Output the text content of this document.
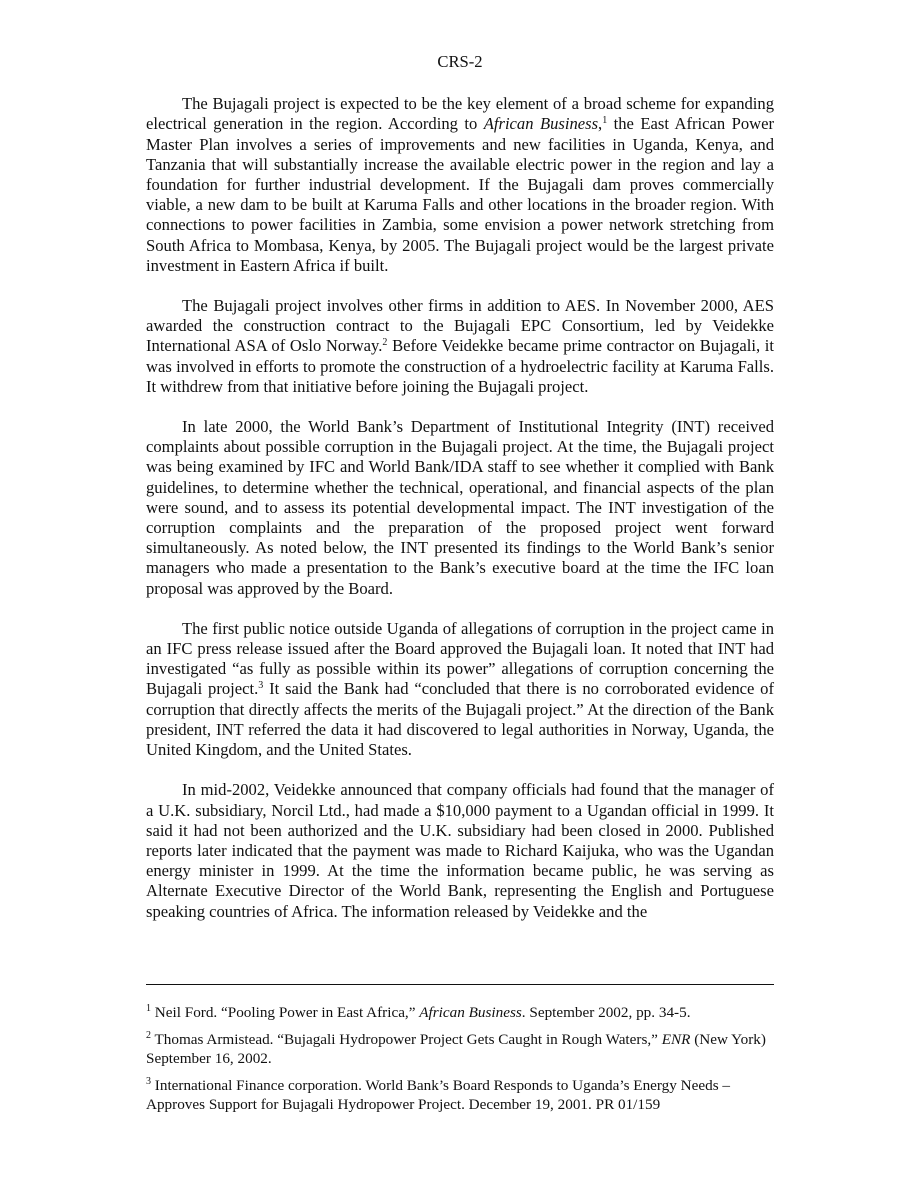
CRS-2

The Bujagali project is expected to be the key element of a broad scheme for expanding electrical generation in the region. According to African Business,$^1$ the East African Power Master Plan involves a series of improvements and new facilities in Uganda, Kenya, and Tanzania that will substantially increase the available electric power in the region and lay a foundation for further industrial development. If the Bujagali dam proves commercially viable, a new dam to be built at Karuma Falls and other locations in the broader region. With connections to power facilities in Zambia, some envision a power network stretching from South Africa to Mombasa, Kenya, by 2005. The Bujagali project would be the largest private investment in Eastern Africa if built.

The Bujagali project involves other firms in addition to AES. In November 2000, AES awarded the construction contract to the Bujagali EPC Consortium, led by Veidekke International ASA of Oslo Norway.$^2$ Before Veidekke became prime contractor on Bujagali, it was involved in efforts to promote the construction of a hydroelectric facility at Karuma Falls. It withdrew from that initiative before joining the Bujagali project.

In late 2000, the World Bank’s Department of Institutional Integrity (INT) received complaints about possible corruption in the Bujagali project. At the time, the Bujagali project was being examined by IFC and World Bank/IDA staff to see whether it complied with Bank guidelines, to determine whether the technical, operational, and financial aspects of the plan were sound, and to assess its potential developmental impact. The INT investigation of the corruption complaints and the preparation of the proposed project went forward simultaneously. As noted below, the INT presented its findings to the World Bank’s senior managers who made a presentation to the Bank’s executive board at the time the IFC loan proposal was approved by the Board.

The first public notice outside Uganda of allegations of corruption in the project came in an IFC press release issued after the Board approved the Bujagali loan. It noted that INT had investigated “as fully as possible within its power” allegations of corruption concerning the Bujagali project.$^3$ It said the Bank had “concluded that there is no corroborated evidence of corruption that directly affects the merits of the Bujagali project.” At the direction of the Bank president, INT referred the data it had discovered to legal authorities in Norway, Uganda, the United Kingdom, and the United States.

In mid-2002, Veidekke announced that company officials had found that the manager of a U.K. subsidiary, Norcil Ltd., had made a $10,000 payment to a Ugandan official in 1999. It said it had not been authorized and the U.K. subsidiary had been closed in 2000. Published reports later indicated that the payment was made to Richard Kaijuka, who was the Ugandan energy minister in 1999. At the time the information became public, he was serving as Alternate Executive Director of the World Bank, representing the English and Portuguese speaking countries of Africa. The information released by Veidekke and the

$^1$ Neil Ford. “Pooling Power in East Africa,” African Business. September 2002, pp. 34-5.

$^2$ Thomas Armistead. “Bujagali Hydropower Project Gets Caught in Rough Waters,” ENR (New York) September 16, 2002.

$^3$ International Finance corporation. World Bank’s Board Responds to Uganda’s Energy Needs –Approves Support for Bujagali Hydropower Project. December 19, 2001. PR 01/159
